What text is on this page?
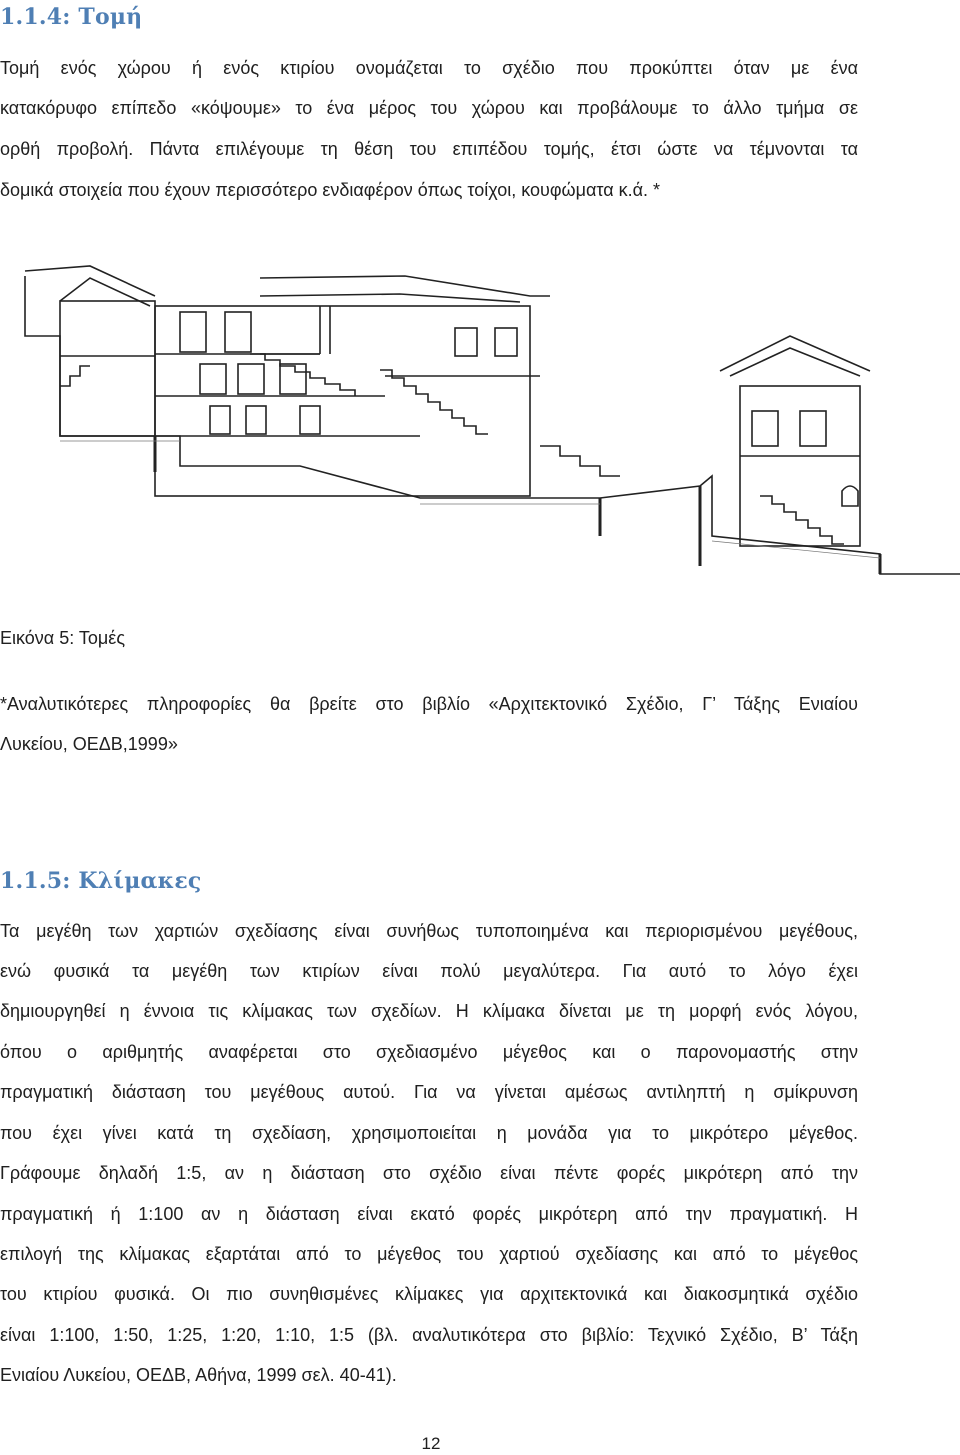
1.1.4: Τομή
Τομή ενός χώρου ή ενός κτιρίου ονομάζεται το σχέδιο που προκύπτει όταν με ένα
κατακόρυφο επίπεδο «κόψουμε» το ένα μέρος του χώρου και προβάλουμε το άλλο τμήμα σε
ορθή προβολή. Πάντα επιλέγουμε τη θέση του επιπέδου τομής, έτσι ώστε να τέμνονται τα
δομικά στοιχεία που έχουν περισσότερο ενδιαφέρον όπως τοίχοι, κουφώματα κ.ά. *
Εικόνα 5: Τομές
*Αναλυτικότερες πληροφορίες θα βρείτε στο βιβλίο «Αρχιτεκτονικό Σχέδιο, Γ’ Τάξης Ενιαίου
Λυκείου, ΟΕΔΒ,1999»
1.1.5: Κλίμακες
Τα μεγέθη των χαρτιών σχεδίασης είναι συνήθως τυποποιημένα και περιορισμένου μεγέθους,
ενώ φυσικά τα μεγέθη των κτιρίων είναι πολύ μεγαλύτερα. Για αυτό το λόγο έχει
δημιουργηθεί η έννοια τις κλίμακας των σχεδίων. Η κλίμακα δίνεται με τη μορφή ενός λόγου,
όπου ο αριθμητής αναφέρεται στο σχεδιασμένο μέγεθος και ο παρονομαστής στην
πραγματική διάσταση του μεγέθους αυτού. Για να γίνεται αμέσως αντιληπτή η σμίκρυνση
που έχει γίνει κατά τη σχεδίαση, χρησιμοποιείται η μονάδα για το μικρότερο μέγεθος.
Γράφουμε δηλαδή 1:5, αν η διάσταση στο σχέδιο είναι πέντε φορές μικρότερη από την
πραγματική ή 1:100 αν η διάσταση είναι εκατό φορές μικρότερη από την πραγματική. Η
επιλογή της κλίμακας εξαρτάται από το μέγεθος του χαρτιού σχεδίασης και από το μέγεθος
του κτιρίου φυσικά. Οι πιο συνηθισμένες κλίμακες για αρχιτεκτονικά και διακοσμητικά σχέδιο
είναι 1:100, 1:50, 1:25, 1:20, 1:10, 1:5 (βλ. αναλυτικότερα στο βιβλίο: Τεχνικό Σχέδιο, Β’ Τάξη
Ενιαίου Λυκείου, ΟΕΔΒ, Αθήνα, 1999 σελ. 40-41).
12
